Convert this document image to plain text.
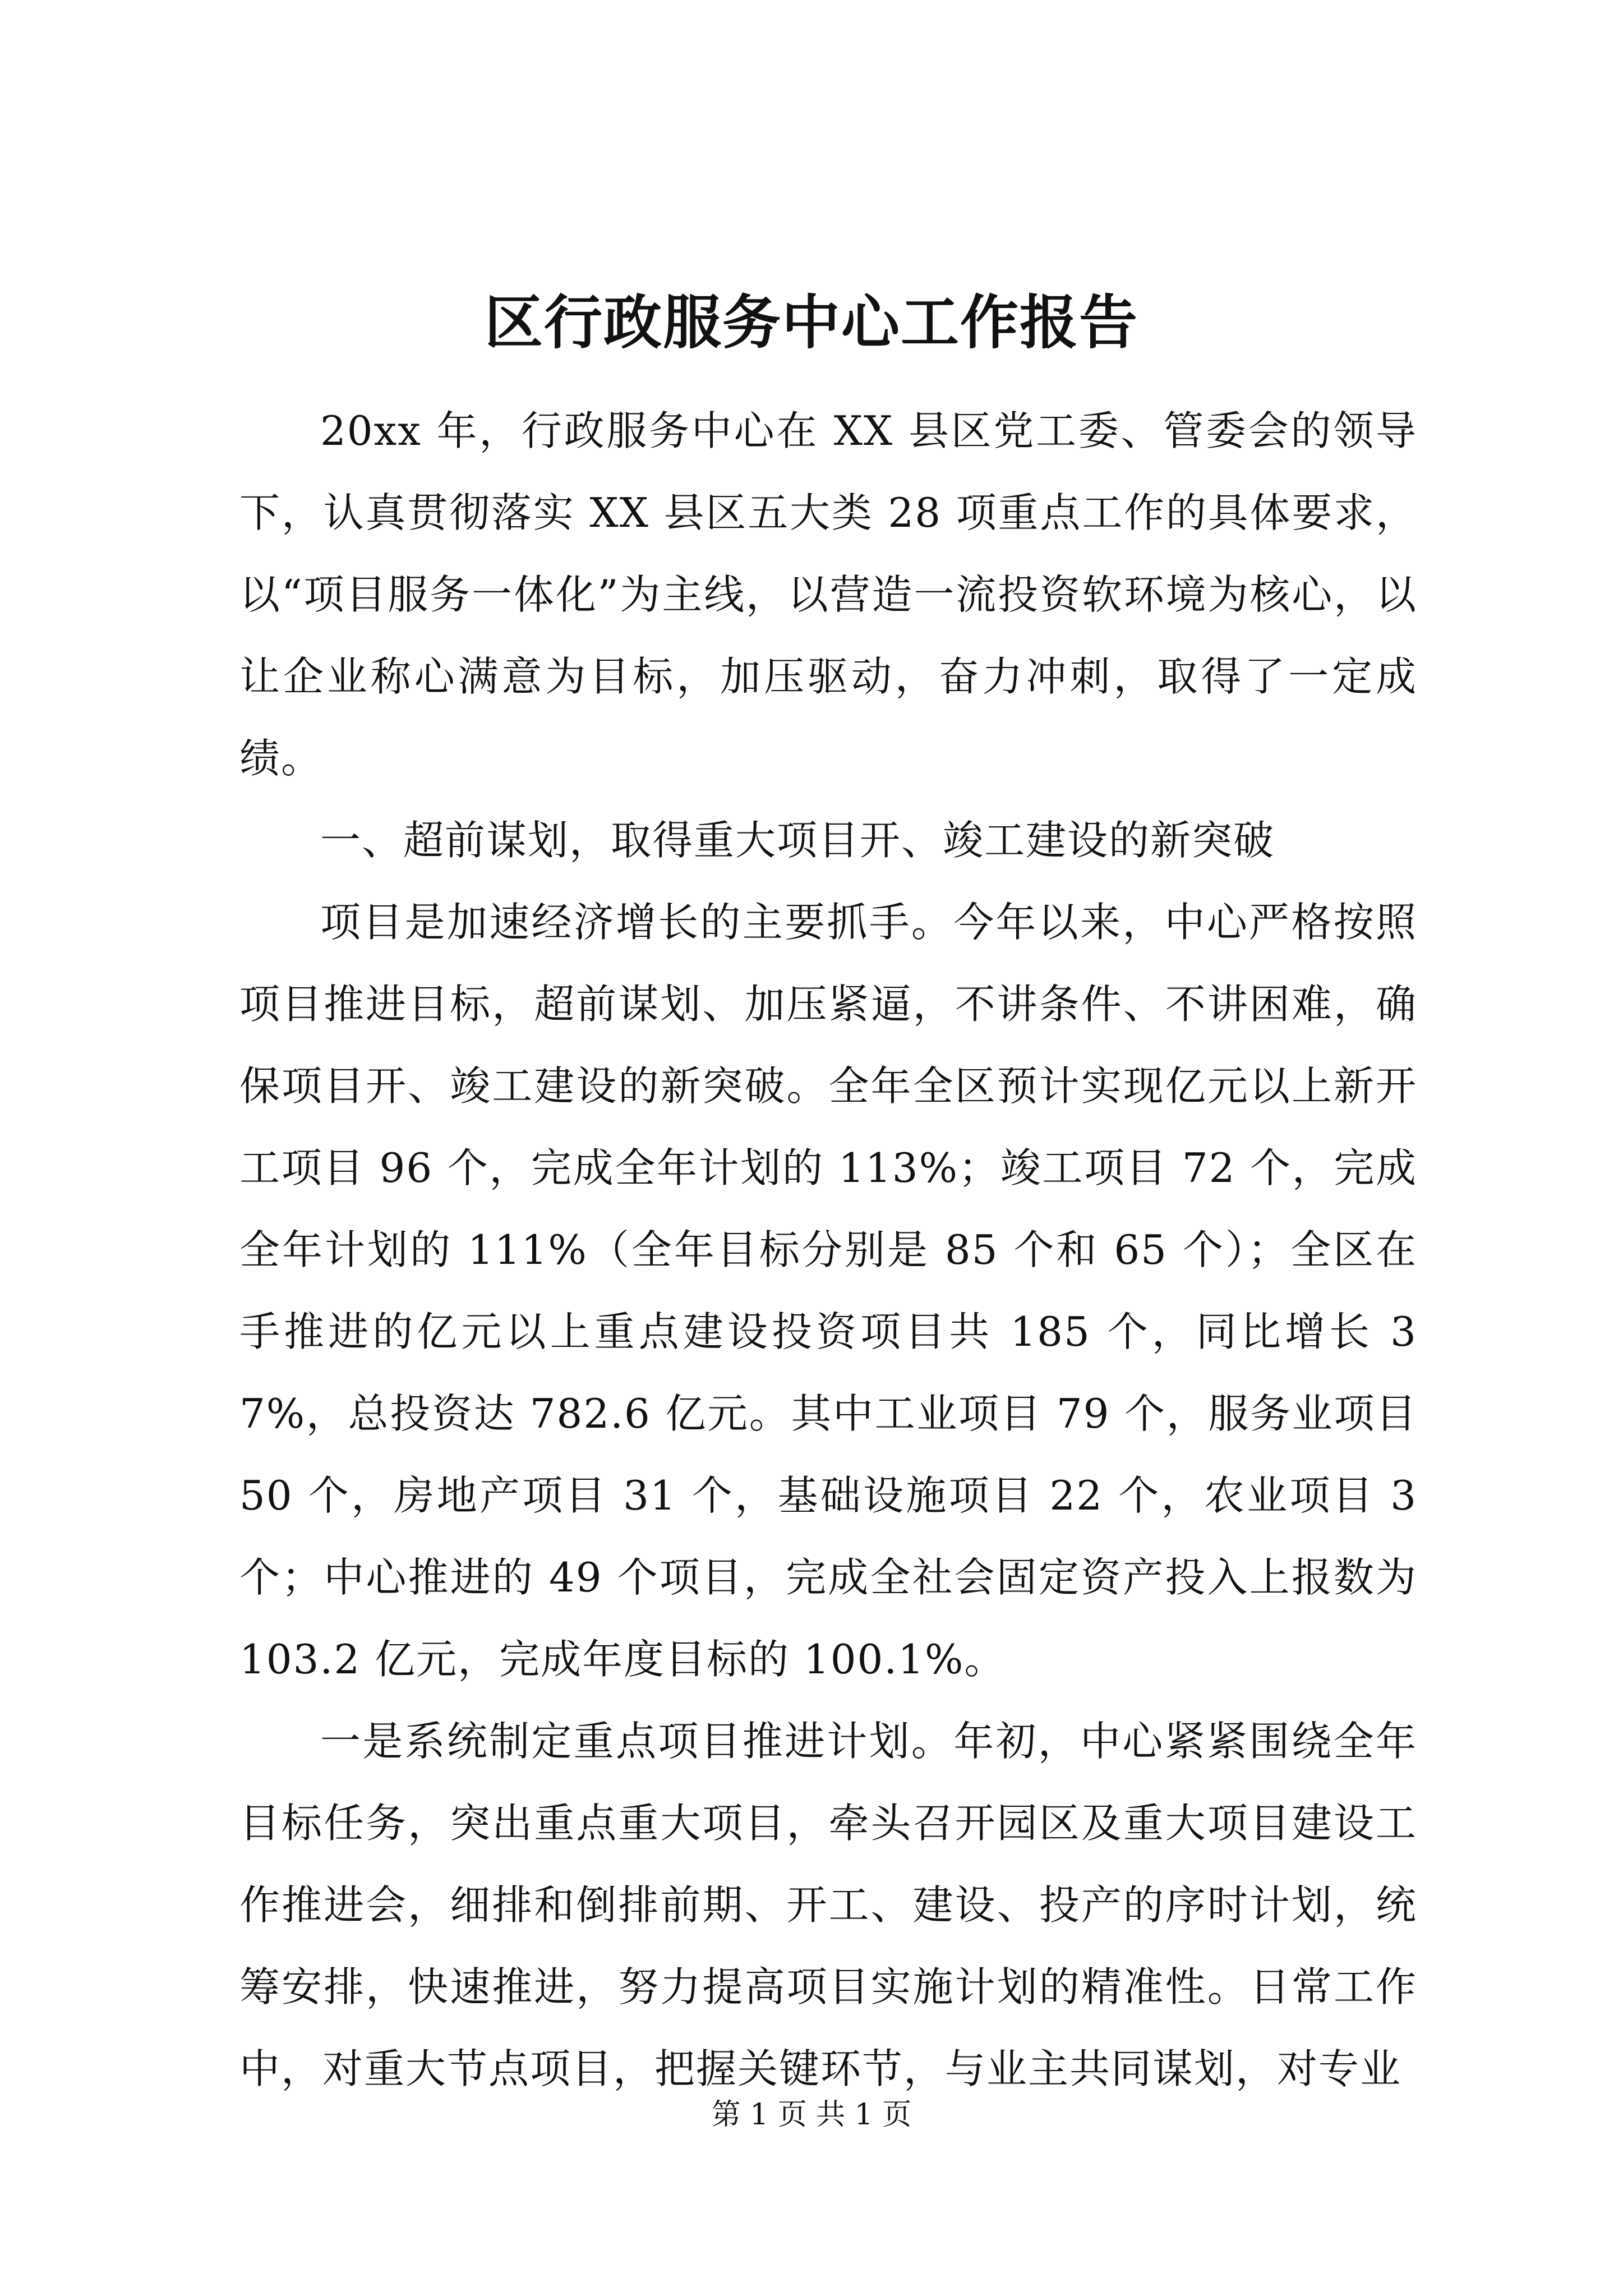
区行政服务中心工作报告

20xx 年，行政服务中心在 XX 县区党工委、管委会的领导下，认真贯彻落实 XX 县区五大类 28 项重点工作的具体要求，以“项目服务一体化”为主线，以营造一流投资软环境为核心，以让企业称心满意为目标，加压驱动，奋力冲刺，取得了一定成绩。

一、超前谋划，取得重大项目开、竣工建设的新突破

项目是加速经济增长的主要抓手。今年以来，中心严格按照项目推进目标，超前谋划、加压紧逼，不讲条件、不讲困难，确保项目开、竣工建设的新突破。全年全区预计实现亿元以上新开工项目 96 个，完成全年计划的 113%；竣工项目 72 个，完成全年计划的 111%（全年目标分别是 85 个和 65 个）；全区在手推进的亿元以上重点建设投资项目共 185 个，同比增长 37%，总投资达 782.6 亿元。其中工业项目 79 个，服务业项目 50 个，房地产项目 31 个，基础设施项目 22 个，农业项目 3 个；中心推进的 49 个项目，完成全社会固定资产投入上报数为 103.2 亿元，完成年度目标的 100.1%。

一是系统制定重点项目推进计划。年初，中心紧紧围绕全年目标任务，突出重点重大项目，牵头召开园区及重大项目建设工作推进会，细排和倒排前期、开工、建设、投产的序时计划，统筹安排，快速推进，努力提高项目实施计划的精准性。日常工作中，对重大节点项目，把握关键环节，与业主共同谋划，对专业

第 1 页 共 1 页
